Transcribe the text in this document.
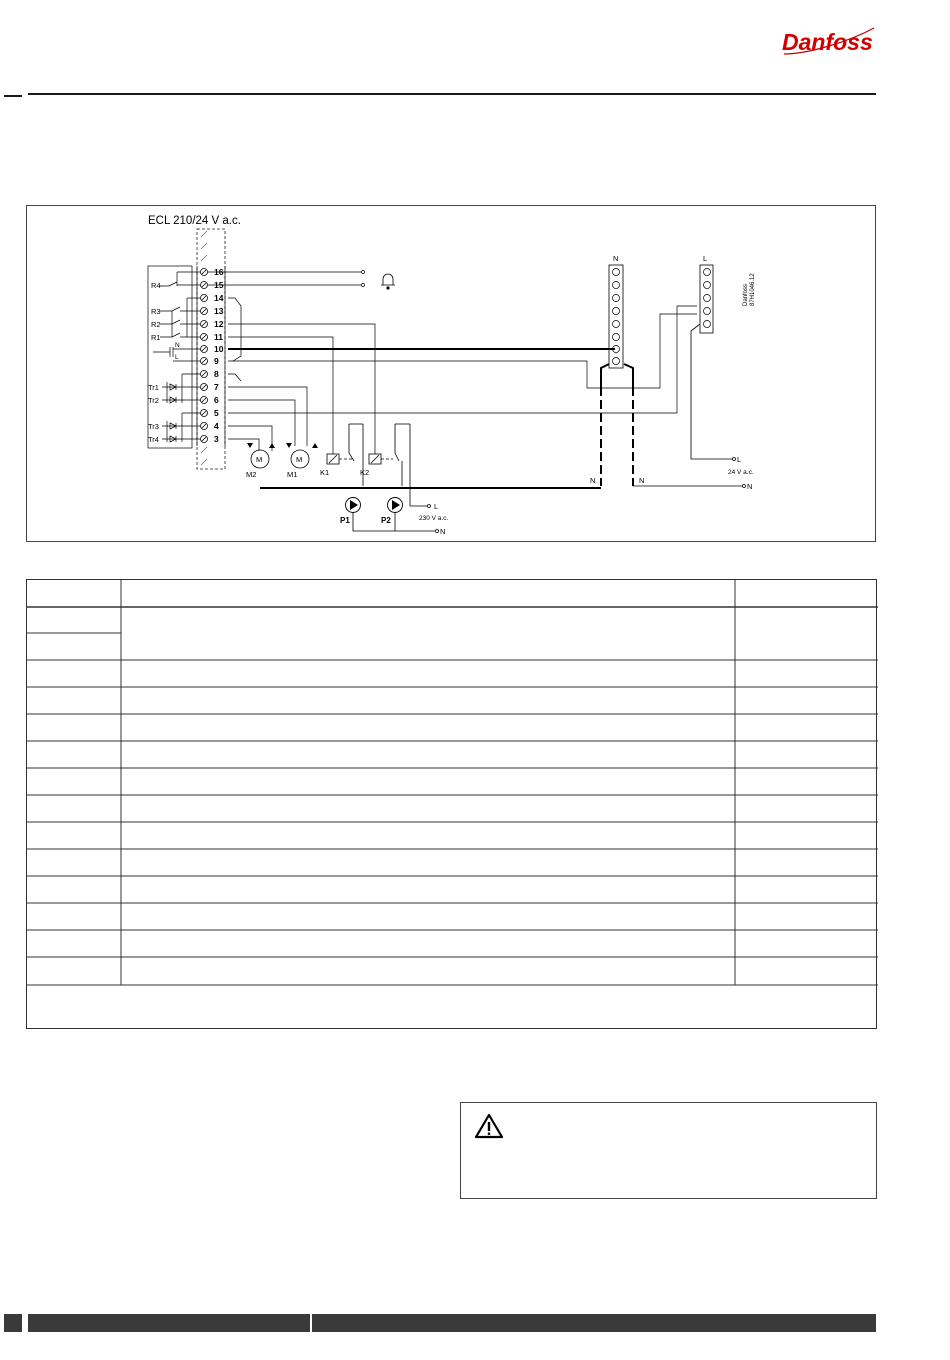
Danfoss
ECL 210/24 V a.c.
16
15
14
13
12
11
10
9
8
7
6
5
4
3
R4
R3
R2
R1
Tr1
Tr2
Tr3
Tr4
N
L
N	L
Danfoss 87H1046.12
L
24 V a.c.
N
N	N
M
M2
M
M1	K1	K2
P1	P2
L
230 V a.c.
N
